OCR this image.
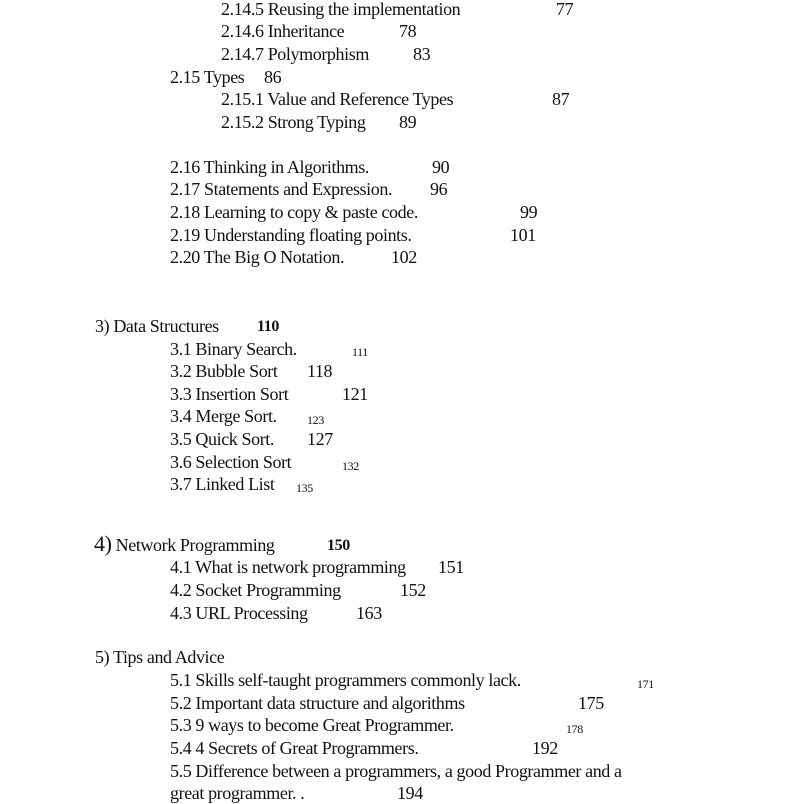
2.14.5 Reusing the implementation	77
2.14.6 Inheritance	78
2.14.7 Polymorphism 83
2.15 Types 86
2.15.1 Value and Reference Types	87
2.15.2 Strong Typing 89
2.16 Thinking in Algorithms.	90
2.17 Statements and Expression. 96
2.18 Learning to copy & paste code.	99
2.19 Understanding floating points.	101
2.20 The Big O Notation.	102
3) Data Structures 110
3.1 Binary Search.	111
3.2 Bubble Sort 118
3.3 Insertion Sort	121
3.4 Merge Sort.	123
3.5 Quick Sort. 127
3.6 Selection Sort	132
3.7 Linked List 135
4) Network Programming	150
4.1 What is network programming 151
4.2 Socket Programming	152
4.3 URL Processing	163
5) Tips and Advice
5.1 Skills self-taught programmers commonly lack.	171
5.2 Important data structure and algorithms	175
5.3 9 ways to become Great Programmer.	178
5.4 4 Secrets of Great Programmers.	192
5.5 Difference between a programmers, a good Programmer and a
great programmer. .	194
